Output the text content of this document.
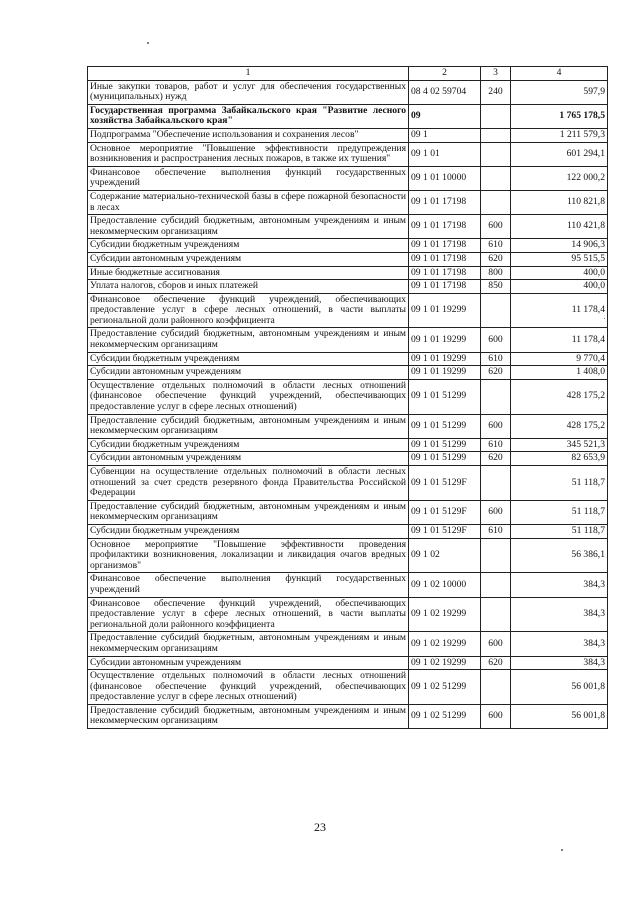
1	2	3	4
Иные закупки товаров, работ и услуг для обеспечения государственных (муниципальных) нужд	08 4 02 59704	240	597,9
Государственная программа Забайкальского края "Развитие лесного хозяйства Забайкальского края"	09		1 765 178,5
Подпрограмма "Обеспечение использования и сохранения лесов"	09 1		1 211 579,3
Основное мероприятие "Повышение эффективности предупреждения возникновения и распространения лесных пожаров, в также их тушения"	09 1 01		601 294,1
Финансовое обеспечение выполнения функций государственных учреждений	09 1 01 10000		122 000,2
Содержание материально-технической базы в сфере пожарной безопасности в лесах	09 1 01 17198		110 821,8
Предоставление субсидий бюджетным, автономным учреждениям и иным некоммерческим организациям	09 1 01 17198	600	110 421,8
Субсидии бюджетным учреждениям	09 1 01 17198	610	14 906,3
Субсидии автономным учреждениям	09 1 01 17198	620	95 515,5
Иные бюджетные ассигнования	09 1 01 17198	800	400,0
Уплата налогов, сборов и иных платежей	09 1 01 17198	850	400,0
Финансовое обеспечение функций учреждений, обеспечивающих предоставление услуг в сфере лесных отношений, в части выплаты региональной доли районного коэффициента	09 1 01 19299		11 178,4
Предоставление субсидий бюджетным, автономным учреждениям и иным некоммерческим организациям	09 1 01 19299	600	11 178,4
Субсидии бюджетным учреждениям	09 1 01 19299	610	9 770,4
Субсидии автономным учреждениям	09 1 01 19299	620	1 408,0
Осуществление отдельных полномочий в области лесных отношений (финансовое обеспечение функций учреждений, обеспечивающих предоставление услуг в сфере лесных отношений)	09 1 01 51299		428 175,2
Предоставление субсидий бюджетным, автономным учреждениям и иным некоммерческим организациям	09 1 01 51299	600	428 175,2
Субсидии бюджетным учреждениям	09 1 01 51299	610	345 521,3
Субсидии автономным учреждениям	09 1 01 51299	620	82 653,9
Субвенции на осуществление отдельных полномочий в области лесных отношений за счет средств резервного фонда Правительства Российской Федерации	09 1 01 5129F		51 118,7
Предоставление субсидий бюджетным, автономным учреждениям и иным некоммерческим организациям	09 1 01 5129F	600	51 118,7
Субсидии бюджетным учреждениям	09 1 01 5129F	610	51 118,7
Основное мероприятие "Повышение эффективности проведения профилактики возникновения, локализации и ликвидация очагов вредных организмов"	09 1 02		56 386,1
Финансовое обеспечение выполнения функций государственных учреждений	09 1 02 10000		384,3
Финансовое обеспечение функций учреждений, обеспечивающих предоставление услуг в сфере лесных отношений, в части выплаты региональной доли районного коэффициента	09 1 02 19299		384,3
Предоставление субсидий бюджетным, автономным учреждениям и иным некоммерческим организациям	09 1 02 19299	600	384,3
Субсидии автономным учреждениям	09 1 02 19299	620	384,3
Осуществление отдельных полномочий в области лесных отношений (финансовое обеспечение функций учреждений, обеспечивающих предоставление услуг в сфере лесных отношений)	09 1 02 51299		56 001,8
Предоставление субсидий бюджетным, автономным учреждениям и иным некоммерческим организациям	09 1 02 51299	600	56 001,8
23
